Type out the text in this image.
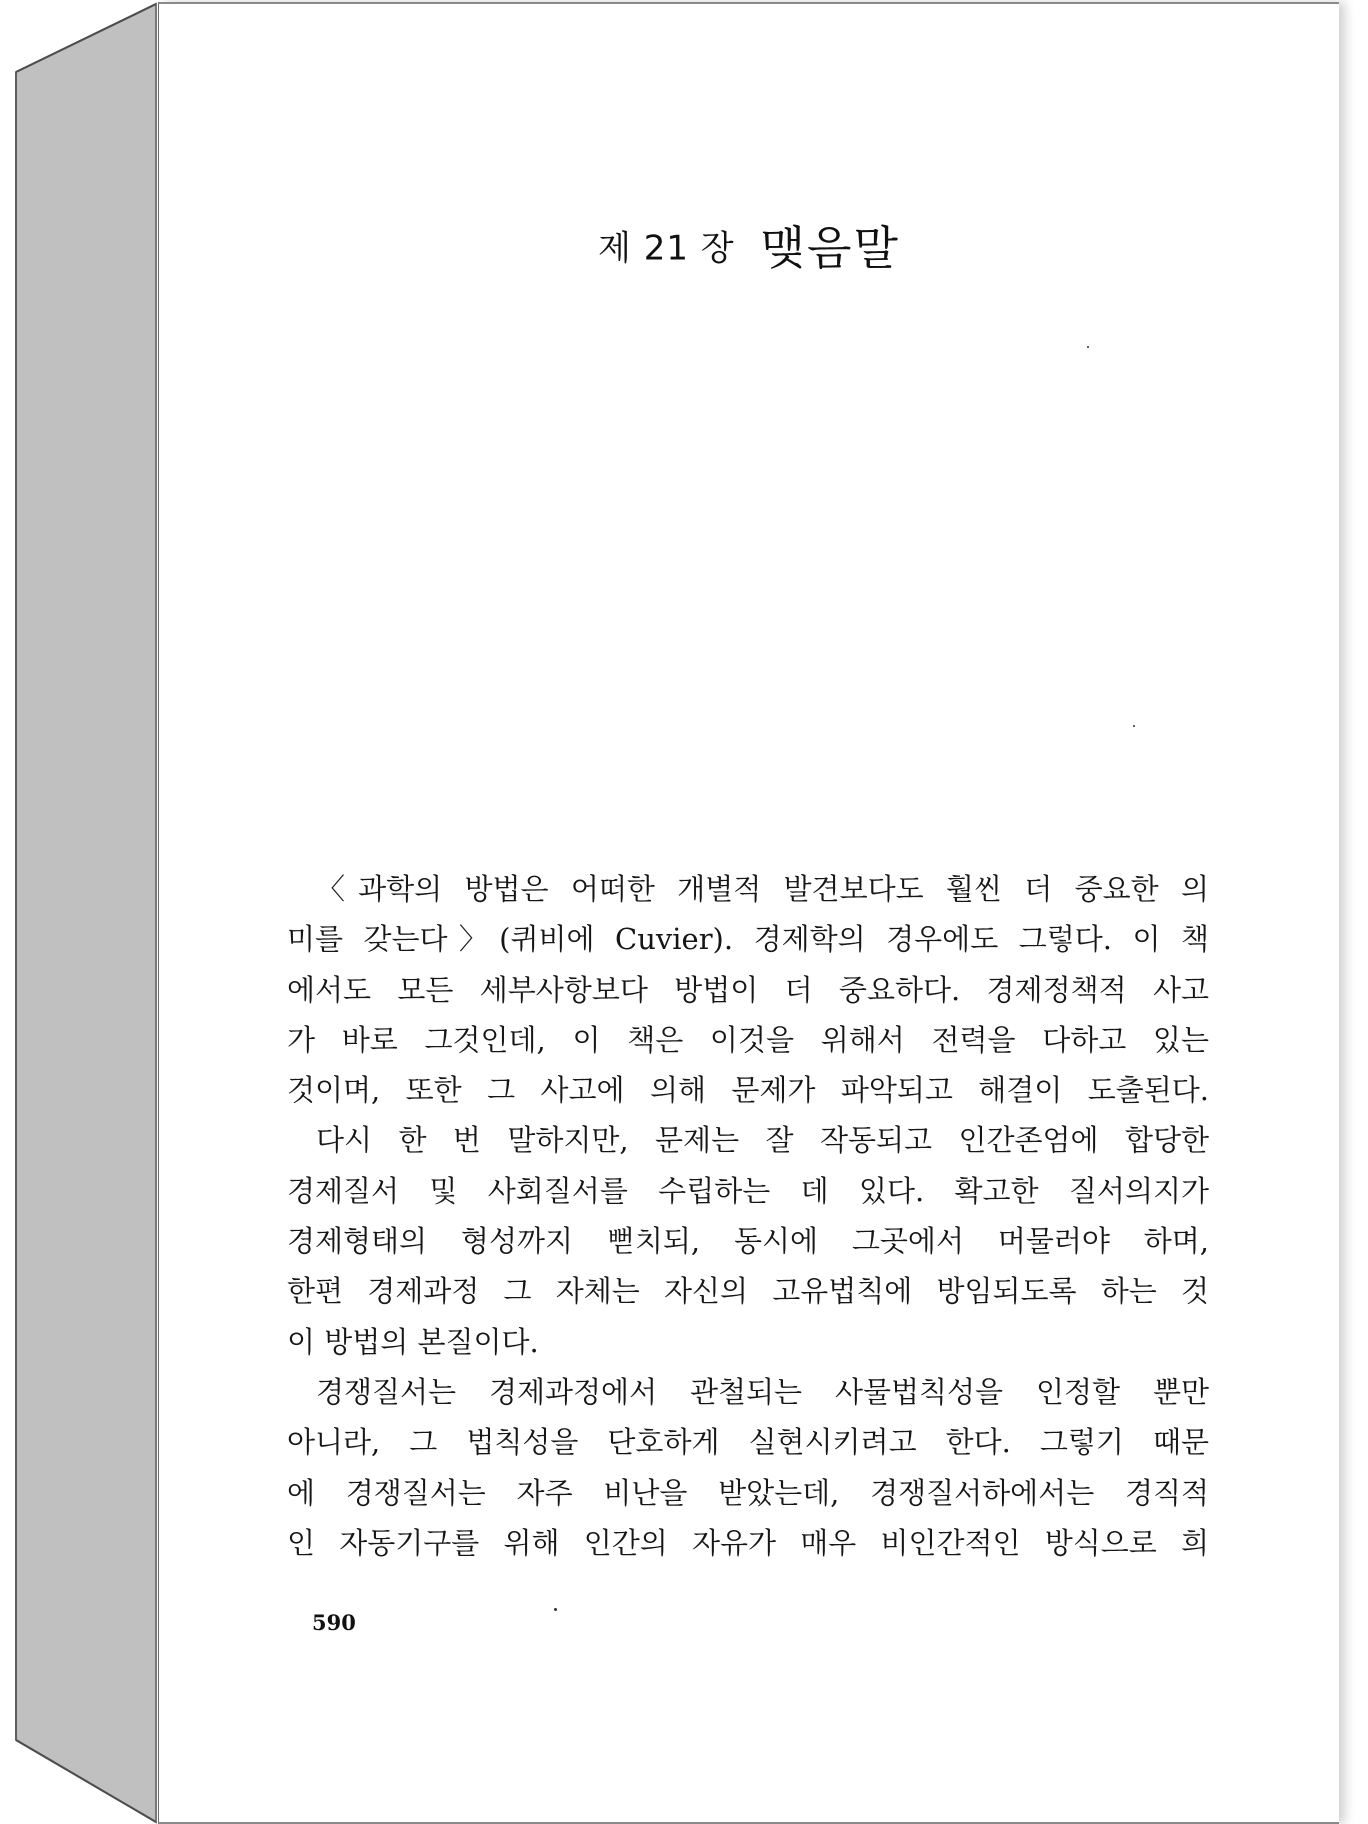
제 21 장 맺음말
〈과학의 방법은 어떠한 개별적 발견보다도 훨씬 더 중요한 의
미를 갖는다〉(퀴비에 Cuvier). 경제학의 경우에도 그렇다. 이 책
에서도 모든 세부사항보다 방법이 더 중요하다. 경제정책적 사고
가 바로 그것인데, 이 책은 이것을 위해서 전력을 다하고 있는
것이며, 또한 그 사고에 의해 문제가 파악되고 해결이 도출된다.
다시 한 번 말하지만, 문제는 잘 작동되고 인간존엄에 합당한
경제질서 및 사회질서를 수립하는 데 있다. 확고한 질서의지가
경제형태의 형성까지 뻗치되, 동시에 그곳에서 머물러야 하며,
한편 경제과정 그 자체는 자신의 고유법칙에 방임되도록 하는 것
이 방법의 본질이다.
경쟁질서는 경제과정에서 관철되는 사물법칙성을 인정할 뿐만
아니라, 그 법칙성을 단호하게 실현시키려고 한다. 그렇기 때문
에 경쟁질서는 자주 비난을 받았는데, 경쟁질서하에서는 경직적
인 자동기구를 위해 인간의 자유가 매우 비인간적인 방식으로 희
590
